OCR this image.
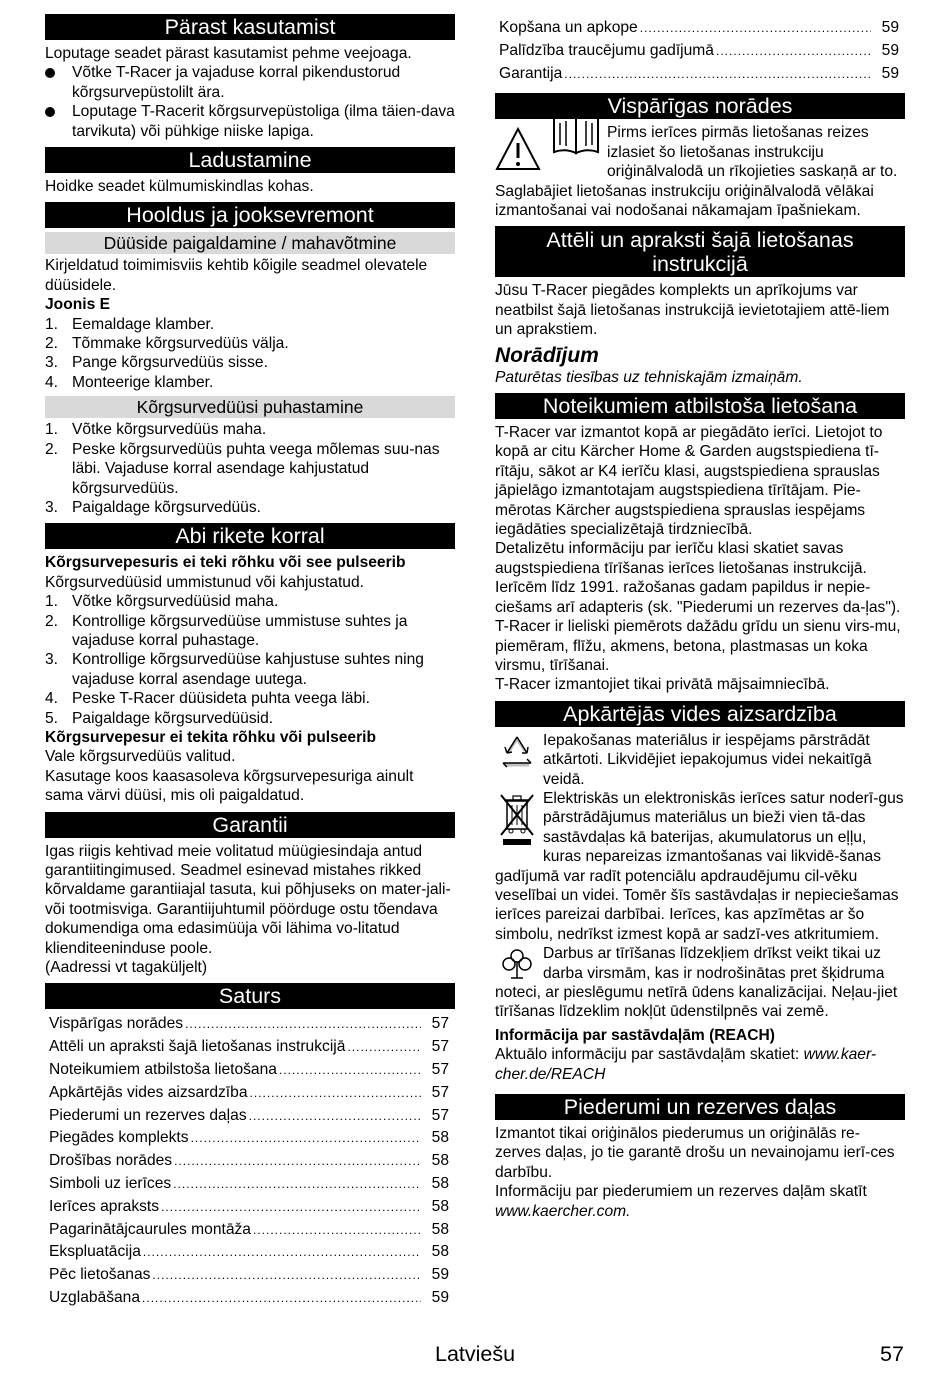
Pärast kasutamist

Loputage seadet pärast kasutamist pehme veejoaga.

Võtke T-Racer ja vajaduse korral pikendustorud kõrgsurvepüstolilt ära.
Loputage T-Racerit kõrgsurvepüstoliga (ilma täien-dava tarvikuta) või pühkige niiske lapiga.
Ladustamine

Hoidke seadet külmumiskindlas kohas.

Hooldus ja jooksevremont
Düüside paigaldamine / mahavõtmine

Kirjeldatud toimimisviis kehtib kõigile seadmel olevatele düüsidele.

Joonis E

1. Eemaldage klamber.
2. Tõmmake kõrgsurvedüüs välja.
3. Pange kõrgsurvedüüs sisse.
4. Monteerige klamber.
Kõrgsurvedüüsi puhastamine
1. Võtke kõrgsurvedüüs maha.
2. Peske kõrgsurvedüüs puhta veega mõlemas suu-nas läbi. Vajaduse korral asendage kahjustatud kõrgsurvedüüs.
3. Paigaldage kõrgsurvedüüs.
Abi rikete korral

Kõrgsurvepesuris ei teki rõhku või see pulseerib

Kõrgsurvedüüsid ummistunud või kahjustatud.

1. Võtke kõrgsurvedüüsid maha.
2. Kontrollige kõrgsurvedüüse ummistuse suhtes ja vajaduse korral puhastage.
3. Kontrollige kõrgsurvedüüse kahjustuse suhtes ning vajaduse korral asendage uutega.
4. Peske T-Racer düüsideta puhta veega läbi.
5. Paigaldage kõrgsurvedüüsid.

Kõrgsurvepesur ei tekita rõhku või pulseerib

Vale kõrgsurvedüüs valitud.

Kasutage koos kaasasoleva kõrgsurvepesuriga ainult sama värvi düüsi, mis oli paigaldatud.

Garantii

Igas riigis kehtivad meie volitatud müügiesindaja antud garantiitingimused. Seadmel esinevad mistahes rikked kõrvaldame garantiiajal tasuta, kui põhjuseks on mater-jali- või tootmisviga. Garantiijuhtumil pöörduge ostu tõendava dokumendiga oma edasimüüja või lähima vo-litatud klienditeeninduse poole.

(Aadressi vt tagaküljelt)

Saturs
Vispārīgas norādes .....	57
Attēli un apraksti šajā lietošanas instrukcijā .....	57
Noteikumiem atbilstoša lietošana .....	57
Apkārtējās vides aizsardzība .....	57
Piederumi un rezerves daļas .....	57
Piegādes komplekts .....	58
Drošības norādes .....	58
Simboli uz ierīces .....	58
Ierīces apraksts .....	58
Pagarinātājcaurules montāža .....	58
Ekspluatācija .....	58
Pēc lietošanas .....	59
Uzglabāšana .....	59
Kopšana un apkope .....	59
Palīdzība traucējumu gadījumā .....	59
Garantija .....	59
Vispārīgas norādes

Pirms ierīces pirmās lietošanas reizes izlasiet šo lietošanas instrukciju oriģinālvalodā un rīkojieties saskaņā ar to. Saglabājiet lietošanas instrukciju oriģinālvalodā vēlākai izmantošanai vai nodošanai nākamajam īpašniekam.

Attēli un apraksti šajā lietošanas instrukcijā

Jūsu T-Racer piegādes komplekts un aprīkojums var neatbilst šajā lietošanas instrukcijā ievietotajiem attē-liem un aprakstiem.

Norādījum

Paturētas tiesības uz tehniskajām izmaiņām.

Noteikumiem atbilstoša lietošana

T-Racer var izmantot kopā ar piegādāto ierīci. Lietojot to kopā ar citu Kärcher Home & Garden augstspiediena tī-rītāju, sākot ar K4 ierīču klasi, augstspiediena sprauslas jāpielāgo izmantotajam augstspiediena tīrītājam. Pie-mērotas Kärcher augstspiediena sprauslas iespējams iegādāties specializētajā tirdzniecībā.

Detalizētu informāciju par ierīču klasi skatiet savas augstspiediena tīrīšanas ierīces lietošanas instrukcijā. Ierīcēm līdz 1991. ražošanas gadam papildus ir nepie-ciešams arī adapteris (sk. "Piederumi un rezerves da-ļas").

T-Racer ir lieliski piemērots dažādu grīdu un sienu virs-mu, piemēram, flīžu, akmens, betona, plastmasas un koka virsmu, tīrīšanai.

T-Racer izmantojiet tikai privātā mājsaimniecībā.

Apkārtējās vides aizsardzība

Iepakošanas materiālus ir iespējams pārstrādāt atkārtoti. Likvidējiet iepakojumus videi nekaitīgā veidā.

Elektriskās un elektroniskās ierīces satur noderī-gus pārstrādājumus materiālus un bieži vien tā-das sastāvdaļas kā baterijas, akumulatorus un eļļu, kuras nepareizas izmantošanas vai likvidē-šanas gadījumā var radīt potenciālu apdraudējumu cil-vēku veselībai un videi. Tomēr šīs sastāvdaļas ir nepieciešamas ierīces pareizai darbībai. Ierīces, kas apzīmētas ar šo simbolu, nedrīkst izmest kopā ar sadzī-ves atkritumiem.

Darbus ar tīrīšanas līdzekļiem drīkst veikt tikai uz darba virsmām, kas ir nodrošinātas pret šķidruma noteci, ar pieslēgumu netīrā ūdens kanalizācijai. Neļau-jiet tīrīšanas līdzeklim nokļūt ūdenstilpnēs vai zemē.

Informācija par sastāvdaļām (REACH)

Aktuālo informāciju par sastāvdaļām skatiet: www.kaer-cher.de/REACH

Piederumi un rezerves daļas

Izmantot tikai oriģinālos piederumus un oriģinālās re-zerves daļas, jo tie garantē drošu un nevainojamu ierī-ces darbību.

Informāciju par piederumiem un rezerves daļām skatīt www.kaercher.com.

Latviešu	57
